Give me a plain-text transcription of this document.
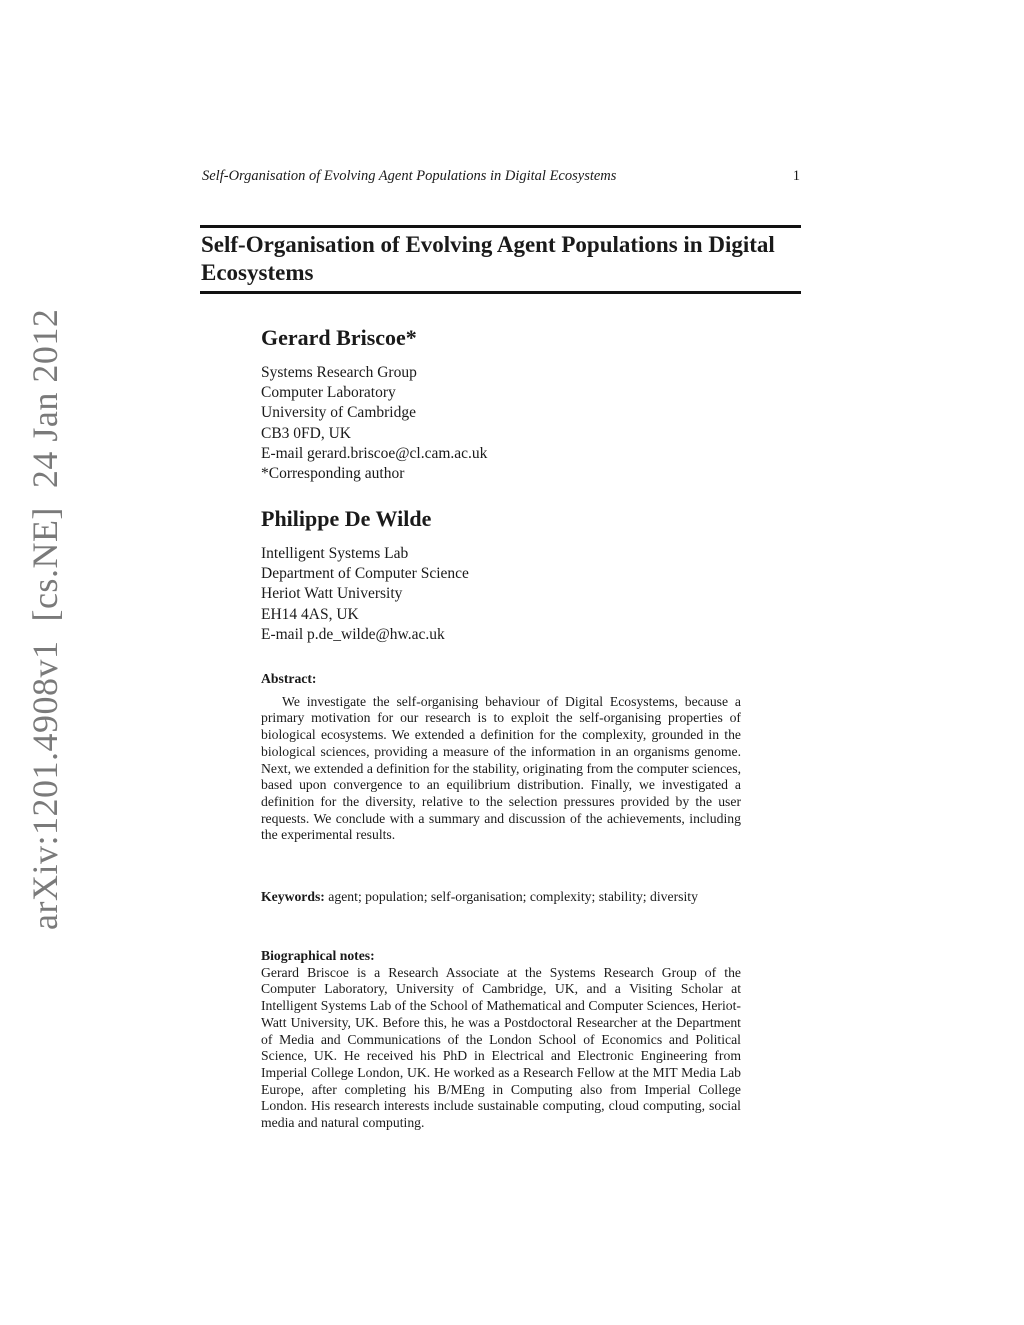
Self-Organisation of Evolving Agent Populations in Digital Ecosystems	1
Self-Organisation of Evolving Agent Populations in Digital Ecosystems
Gerard Briscoe*
Systems Research Group
Computer Laboratory
University of Cambridge
CB3 0FD, UK
E-mail gerard.briscoe@cl.cam.ac.uk
*Corresponding author
Philippe De Wilde
Intelligent Systems Lab
Department of Computer Science
Heriot Watt University
EH14 4AS, UK
E-mail p.de_wilde@hw.ac.uk
Abstract:
We investigate the self-organising behaviour of Digital Ecosystems, because a primary motivation for our research is to exploit the self-organising properties of biological ecosystems. We extended a definition for the complexity, grounded in the biological sciences, providing a measure of the information in an organisms genome. Next, we extended a definition for the stability, originating from the computer sciences, based upon convergence to an equilibrium distribution. Finally, we investigated a definition for the diversity, relative to the selection pressures provided by the user requests. We conclude with a summary and discussion of the achievements, including the experimental results.
Keywords: agent; population; self-organisation; complexity; stability; diversity
Biographical notes:
Gerard Briscoe is a Research Associate at the Systems Research Group of the Computer Laboratory, University of Cambridge, UK, and a Visiting Scholar at Intelligent Systems Lab of the School of Mathematical and Computer Sciences, Heriot-Watt University, UK. Before this, he was a Postdoctoral Researcher at the Department of Media and Communications of the London School of Economics and Political Science, UK. He received his PhD in Electrical and Electronic Engineering from Imperial College London, UK. He worked as a Research Fellow at the MIT Media Lab Europe, after completing his B/MEng in Computing also from Imperial College London. His research interests include sustainable computing, cloud computing, social media and natural computing.
arXiv:1201.4908v1  [cs.NE]  24 Jan 2012
